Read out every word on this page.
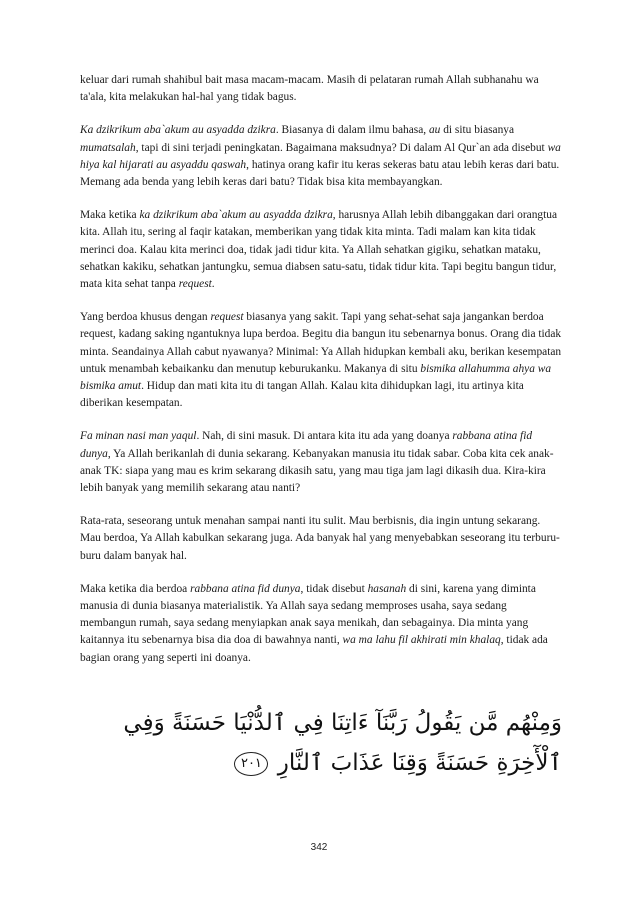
keluar dari rumah shahibul bait masa macam-macam. Masih di pelataran rumah Allah subhanahu wa ta'ala, kita melakukan hal-hal yang tidak bagus.

Ka dzikrikum aba`akum au asyadda dzikra. Biasanya di dalam ilmu bahasa, au di situ biasanya mumatsalah, tapi di sini terjadi peningkatan. Bagaimana maksudnya? Di dalam Al Qur`an ada disebut wa hiya kal hijarati au asyaddu qaswah, hatinya orang kafir itu keras sekeras batu atau lebih keras dari batu. Memang ada benda yang lebih keras dari batu? Tidak bisa kita membayangkan.

Maka ketika ka dzikrikum aba`akum au asyadda dzikra, harusnya Allah lebih dibanggakan dari orangtua kita. Allah itu, sering al faqir katakan, memberikan yang tidak kita minta. Tadi malam kan kita tidak merinci doa. Kalau kita merinci doa, tidak jadi tidur kita. Ya Allah sehatkan gigiku, sehatkan mataku, sehatkan kakiku, sehatkan jantungku, semua diabsen satu-satu, tidak tidur kita. Tapi begitu bangun tidur, mata kita sehat tanpa request.

Yang berdoa khusus dengan request biasanya yang sakit. Tapi yang sehat-sehat saja jangankan berdoa request, kadang saking ngantuknya lupa berdoa. Begitu dia bangun itu sebenarnya bonus. Orang dia tidak minta. Seandainya Allah cabut nyawanya? Minimal: Ya Allah hidupkan kembali aku, berikan kesempatan untuk menambah kebaikanku dan menutup keburukanku. Makanya di situ bismika allahumma ahya wa bismika amut. Hidup dan mati kita itu di tangan Allah. Kalau kita dihidupkan lagi, itu artinya kita diberikan kesempatan.

Fa minan nasi man yaqul. Nah, di sini masuk. Di antara kita itu ada yang doanya rabbana atina fid dunya, Ya Allah berikanlah di dunia sekarang. Kebanyakan manusia itu tidak sabar. Coba kita cek anak-anak TK: siapa yang mau es krim sekarang dikasih satu, yang mau tiga jam lagi dikasih dua. Kira-kira lebih banyak yang memilih sekarang atau nanti?

Rata-rata, seseorang untuk menahan sampai nanti itu sulit. Mau berbisnis, dia ingin untung sekarang. Mau berdoa, Ya Allah kabulkan sekarang juga. Ada banyak hal yang menyebabkan seseorang itu terburu-buru dalam banyak hal.

Maka ketika dia berdoa rabbana atina fid dunya, tidak disebut hasanah di sini, karena yang diminta manusia di dunia biasanya materialistik. Ya Allah saya sedang memproses usaha, saya sedang membangun rumah, saya sedang menyiapkan anak saya menikah, dan sebagainya. Dia minta yang kaitannya itu sebenarnya bisa dia doa di bawahnya nanti, wa ma lahu fil akhirati min khalaq, tidak ada bagian orang yang seperti ini doanya.

وَمِنْهُم مَّن يَقُولُ رَبَّنَآ ءَاتِنَا فِي ٱلدُّنْيَا حَسَنَةً وَفِي
ٱلْأٓخِرَةِ حَسَنَةً وَقِنَا عَذَابَ ٱلنَّارِ ٢٠١
342
